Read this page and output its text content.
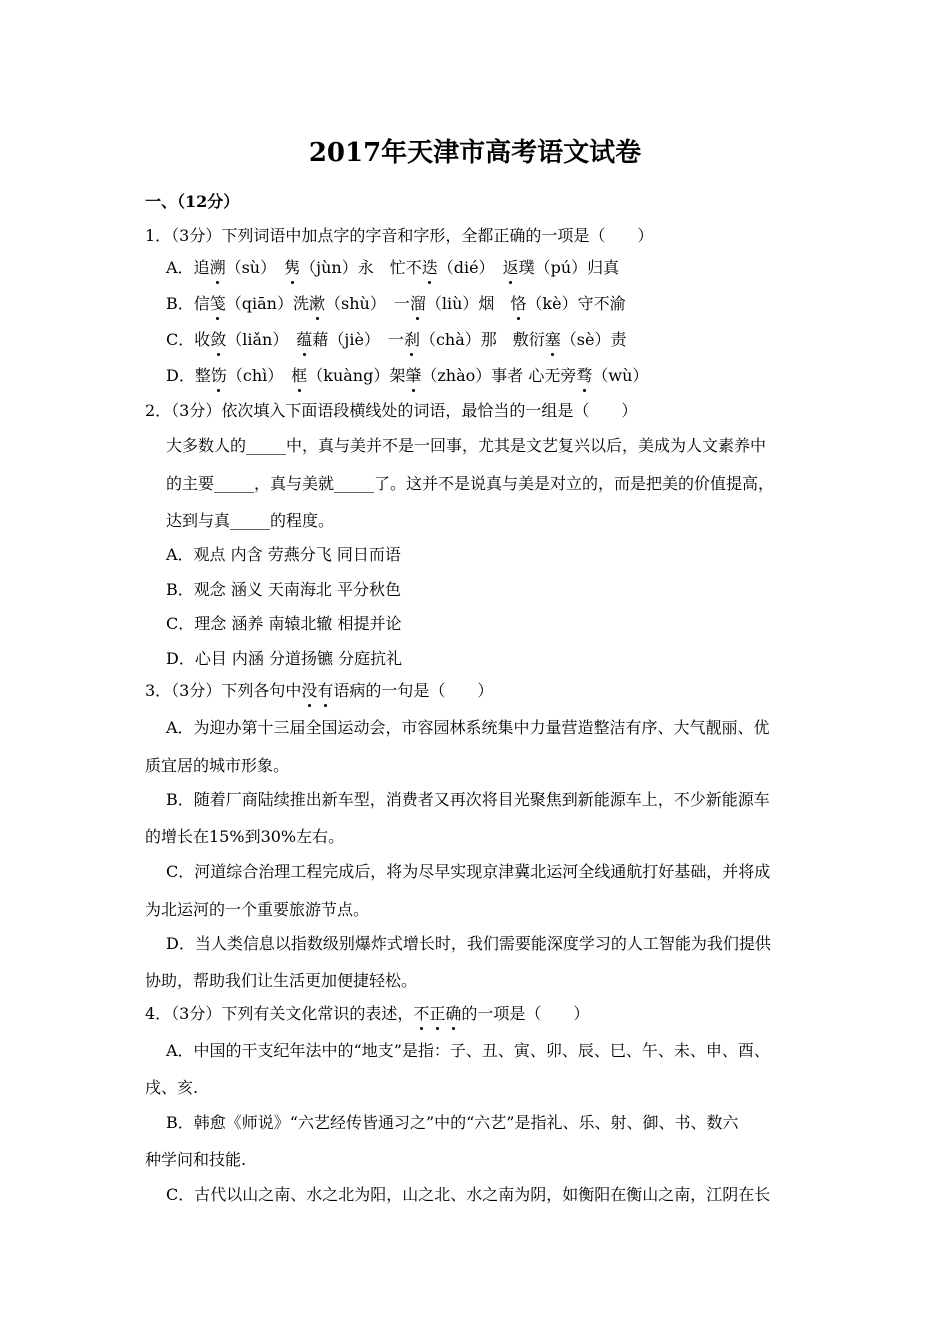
2017年天津市高考语文试卷
一、（12分）
1．（3分）下列词语中加点字的字音和字形，全都正确的一项是（　　）
A．追溯（sù）　隽（jùn）永　忙不迭（dié）　返璞（pú）归真
B．信笺（qiān）洗漱（shù）　一溜（liù）烟　恪（kè）守不渝
C．收敛（liǎn）　蕴藉（jiè）　一刹（chà）那　敷衍塞（sè）责
D．整饬（chì）　框（kuàng）架肇（zhào）事者 心无旁骛（wù）
2．（3分）依次填入下面语段横线处的词语，最恰当的一组是（　　）
大多数人的_____中，真与美并不是一回事，尤其是文艺复兴以后，美成为人文素养中
的主要_____，真与美就_____了。这并不是说真与美是对立的，而是把美的价值提高，
达到与真_____的程度。
A．观点 内含 劳燕分飞 同日而语
B．观念 涵义 天南海北 平分秋色
C．理念 涵养 南辕北辙 相提并论
D．心目 内涵 分道扬镳 分庭抗礼
3．（3分）下列各句中没有语病的一句是（　　）
A．为迎办第十三届全国运动会，市容园林系统集中力量营造整洁有序、大气靓丽、优
质宜居的城市形象。
B．随着厂商陆续推出新车型，消费者又再次将目光聚焦到新能源车上，不少新能源车
的增长在15%到30%左右。
C．河道综合治理工程完成后，将为尽早实现京津冀北运河全线通航打好基础，并将成
为北运河的一个重要旅游节点。
D．当人类信息以指数级别爆炸式增长时，我们需要能深度学习的人工智能为我们提供
协助，帮助我们让生活更加便捷轻松。
4．（3分）下列有关文化常识的表述，不正确的一项是（　　）
A．中国的干支纪年法中的“地支”是指：子、丑、寅、卯、辰、巳、午、未、申、酉、
戌、亥.
B．韩愈《师说》“六艺经传皆通习之”中的“六艺”是指礼、乐、射、御、书、数六
种学问和技能.
C．古代以山之南、水之北为阳，山之北、水之南为阴，如衡阳在衡山之南，江阴在长
